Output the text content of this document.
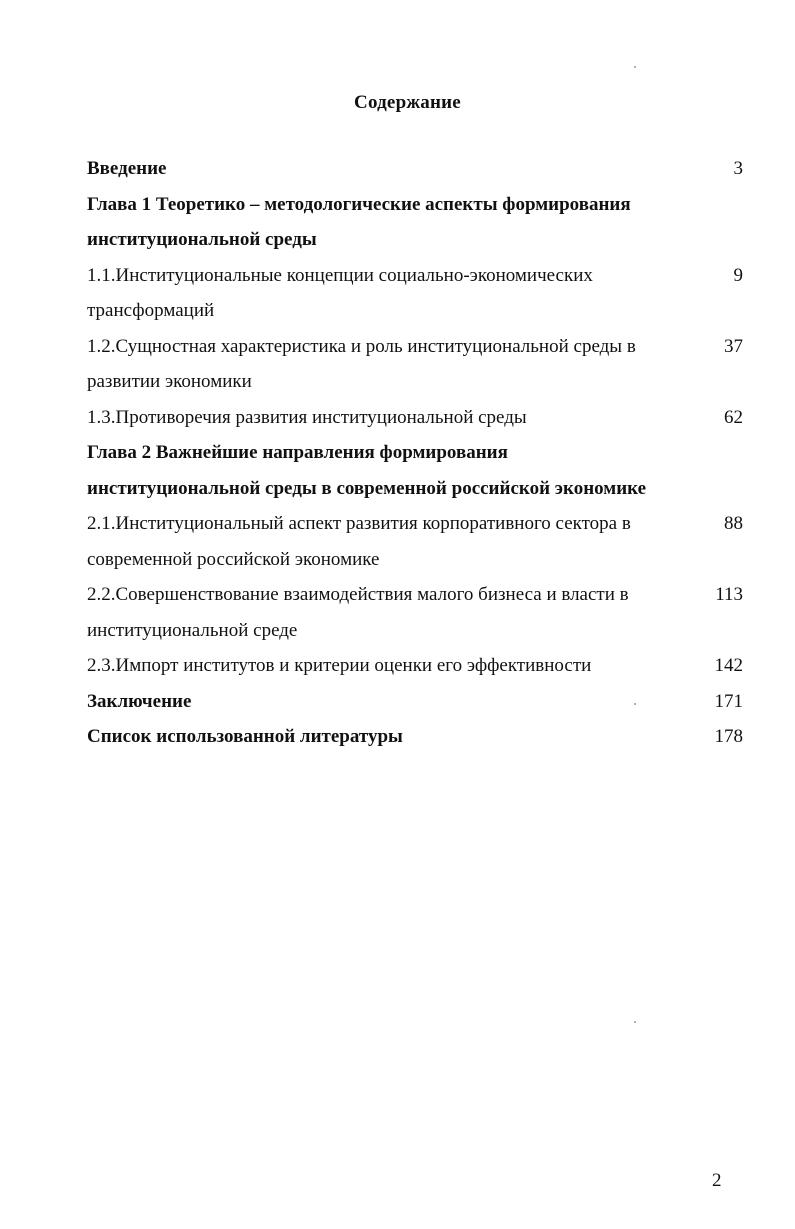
Содержание
Введение	3
Глава 1 Теоретико – методологические аспекты формирования
институциональной среды
1.1.Институциональные концепции социально-экономических	9
трансформаций
1.2.Сущностная характеристика и роль институциональной среды в	37
развитии экономики
1.3.Противоречия развития институциональной среды	62
Глава 2 Важнейшие направления формирования
институциональной среды в современной российской экономике
2.1.Институциональный аспект развития корпоративного сектора в	88
современной российской экономике
2.2.Совершенствование взаимодействия малого бизнеса и власти в	113
институциональной среде
2.3.Импорт институтов и критерии оценки его эффективности	142
Заключение	171
Список использованной литературы	178
2
